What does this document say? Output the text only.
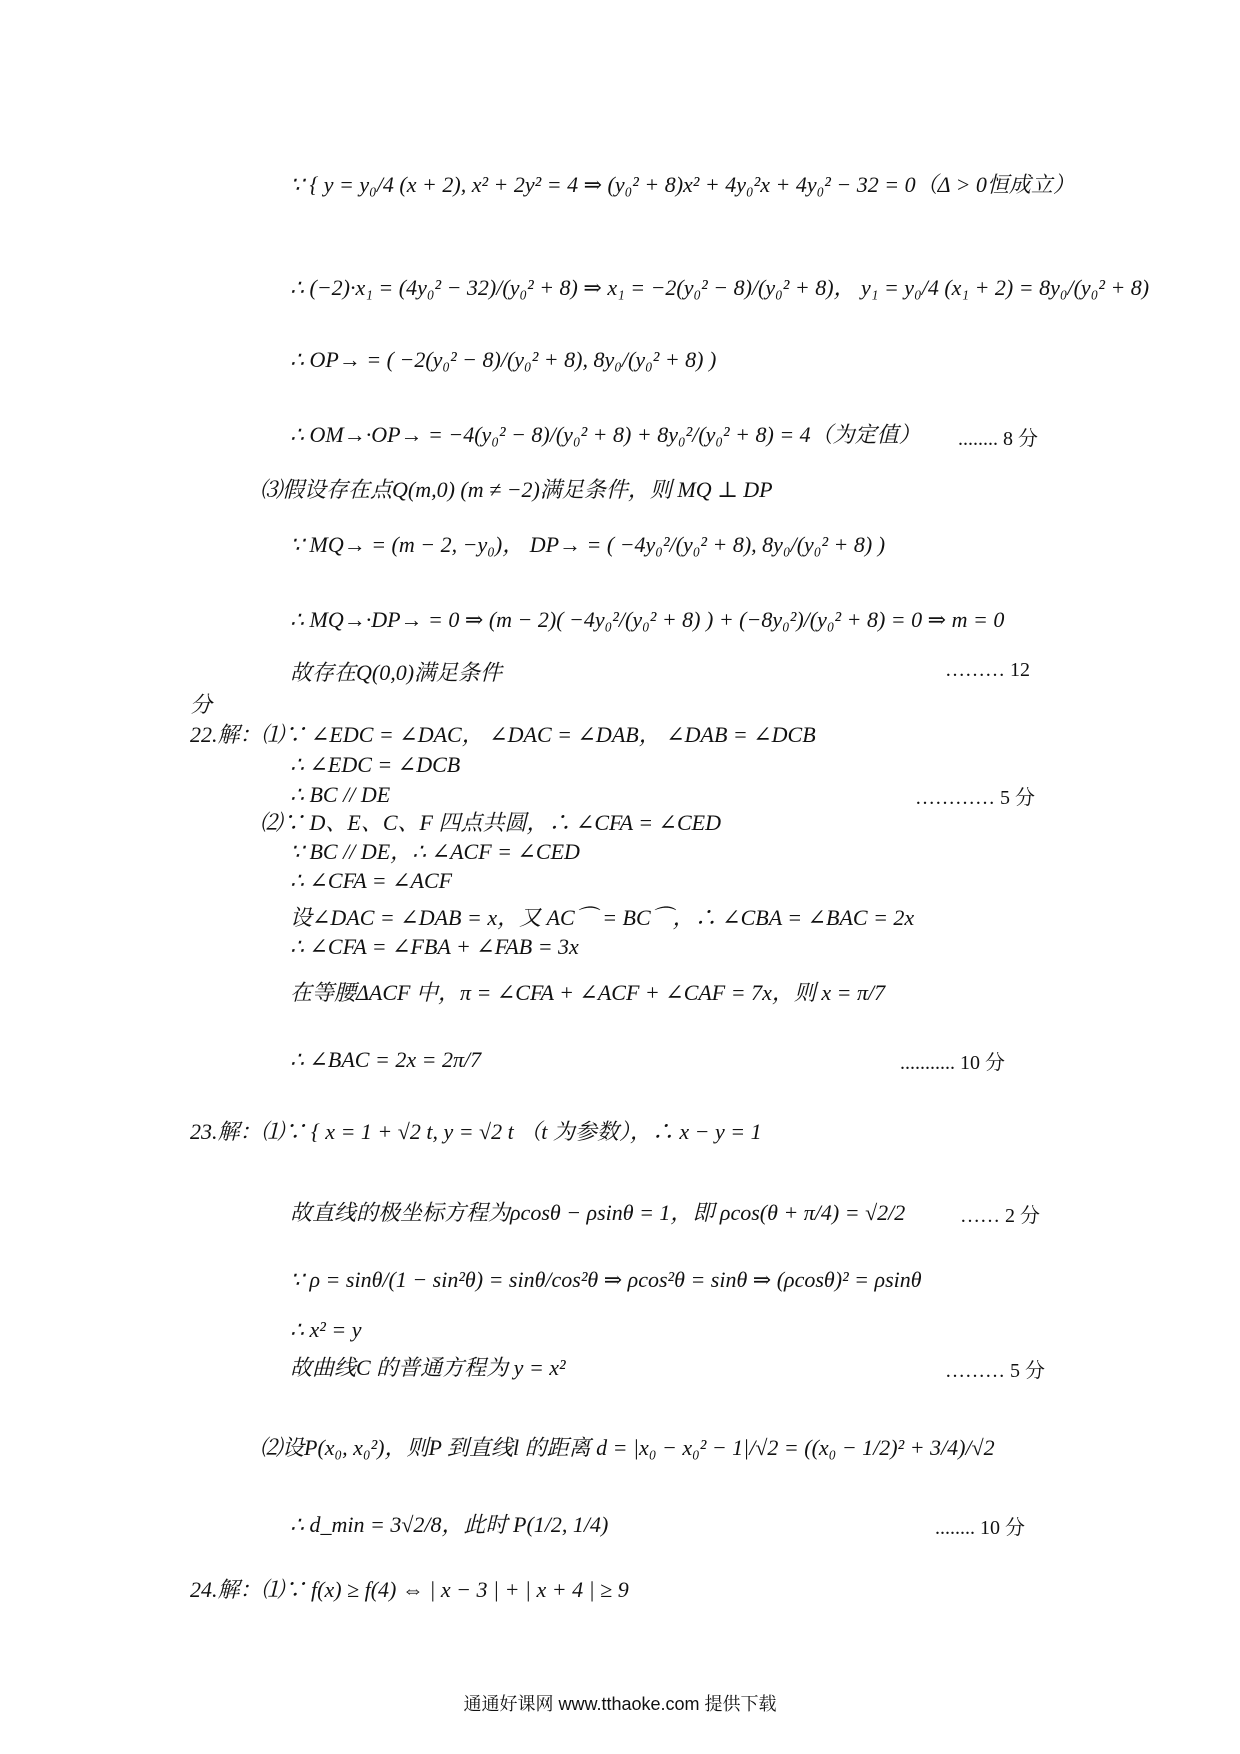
∵ { y = y₀/4 (x + 2), x² + 2y² = 4 ⇒ (y₀² + 8)x² + 4y₀²x + 4y₀² − 32 = 0（Δ > 0恒成立）
∴ (−2)·x₁ = (4y₀² − 32)/(y₀² + 8) ⇒ x₁ = −2(y₀² − 8)/(y₀² + 8)， y₁ = y₀/4 (x₁ + 2) = 8y₀/(y₀² + 8)
∴ OP→ = ( −2(y₀² − 8)/(y₀² + 8), 8y₀/(y₀² + 8) )
∴ OM→·OP→ = −4(y₀² − 8)/(y₀² + 8) + 8y₀²/(y₀² + 8) = 4（为定值）
⑶假设存在点Q(m,0) (m ≠ −2)满足条件，则 MQ ⊥ DP
∵ MQ→ = (m − 2, −y₀)， DP→ = ( −4y₀²/(y₀² + 8), 8y₀/(y₀² + 8) )
∴ MQ→·DP→ = 0 ⇒ (m − 2)( −4y₀²/(y₀² + 8) ) + (−8y₀²)/(y₀² + 8) = 0 ⇒ m = 0
故存在Q(0,0)满足条件
分
22.解：⑴∵ ∠EDC = ∠DAC， ∠DAC = ∠DAB， ∠DAB = ∠DCB
∴ ∠EDC = ∠DCB
∴ BC // DE
⑵∵ D、E、C、F 四点共圆，∴ ∠CFA = ∠CED
∵ BC // DE，∴ ∠ACF = ∠CED
∴ ∠CFA = ∠ACF
设∠DAC = ∠DAB = x，又 AC⌒ = BC⌒，∴ ∠CBA = ∠BAC = 2x
∴ ∠CFA = ∠FBA + ∠FAB = 3x
在等腰ΔACF 中，π = ∠CFA + ∠ACF + ∠CAF = 7x，则 x = π/7
∴ ∠BAC = 2x = 2π/7
23.解：⑴∵ { x = 1 + √2 t, y = √2 t （t 为参数），∴ x − y = 1
故直线的极坐标方程为ρcosθ − ρsinθ = 1，即 ρcos(θ + π/4) = √2/2
∵ ρ = sinθ/(1 − sin²θ) = sinθ/cos²θ ⇒ ρcos²θ = sinθ ⇒ (ρcosθ)² = ρsinθ
∴ x² = y
故曲线C 的普通方程为 y = x²
⑵设P(x₀, x₀²)，则P 到直线l 的距离 d = |x₀ − x₀² − 1|/√2 = ((x₀ − 1/2)² + 3/4)/√2
∴ d_min = 3√2/8，此时 P(1/2, 1/4)
24.解：⑴∵ f(x) ≥ f(4) ⇔ | x − 3 | + | x + 4 | ≥ 9
........ 8 分
……… 12
………… 5 分
........... 10 分
…… 2 分
……… 5 分
........ 10 分
通通好课网 www.tthaoke.com 提供下载
